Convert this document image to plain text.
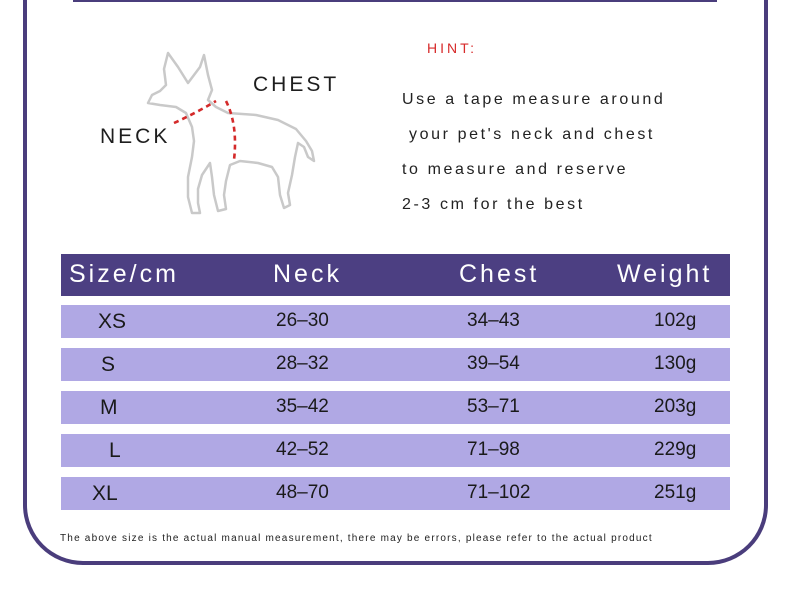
CHEST
NECK
HINT:
Use a tape measure around
your pet's neck and chest
to measure and reserve
2-3 cm for the best
Size/cm	Neck	Chest	Weight
XS	26–30	34–43	102g
S	28–32	39–54	130g
M	35–42	53–71	203g
L	42–52	71–98	229g
XL	48–70	71–102	251g
The above size is the actual manual measurement, there may be errors, please refer to the actual product
